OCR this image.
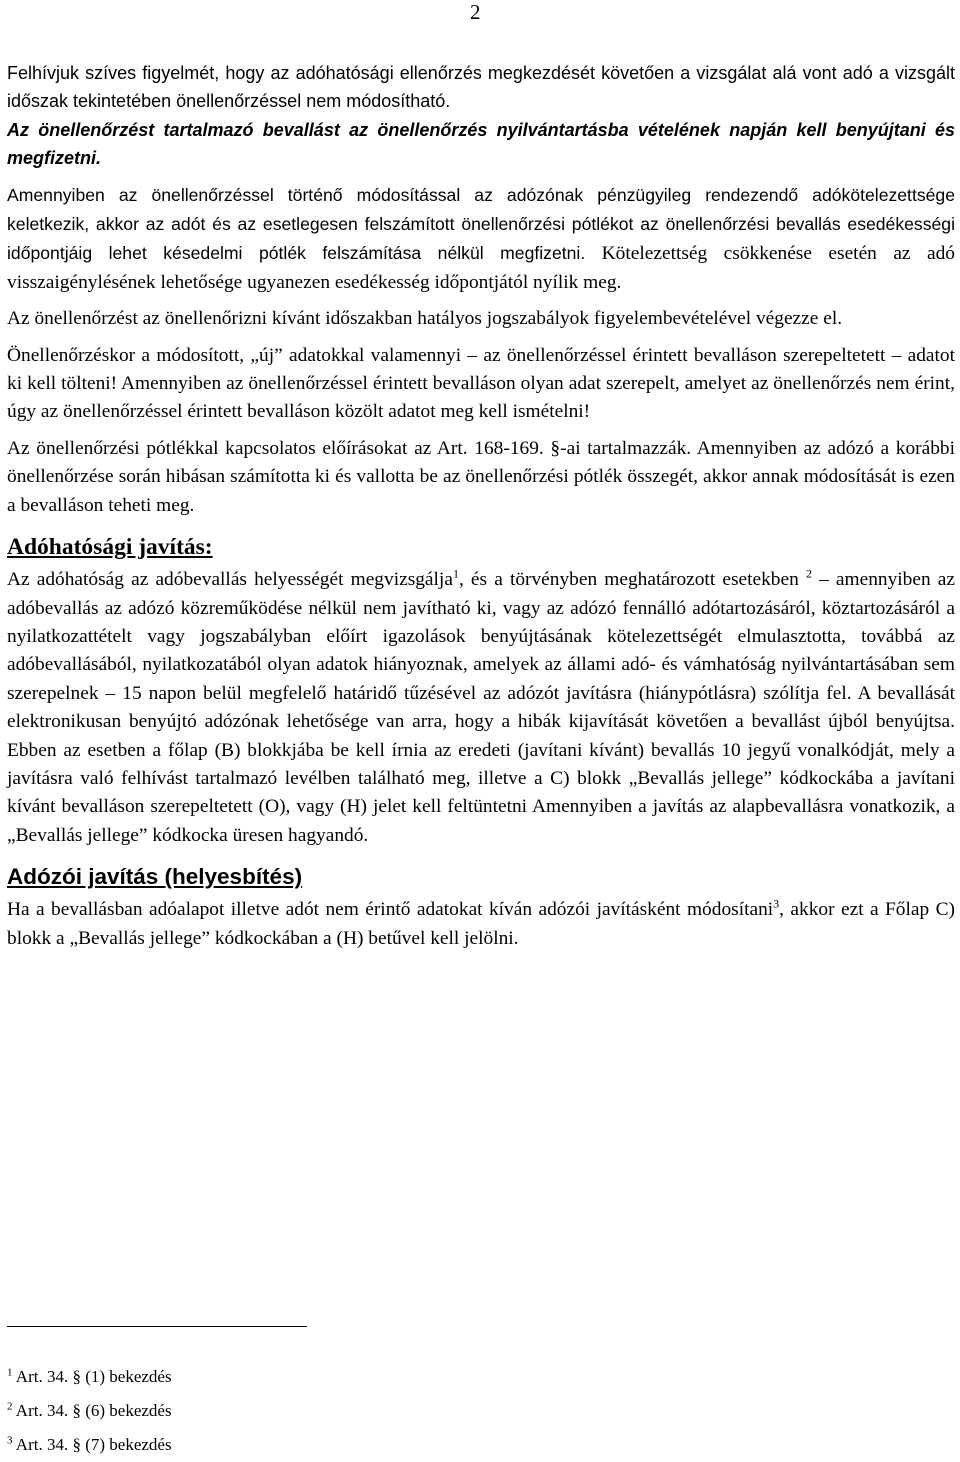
2

Felhívjuk szíves figyelmét, hogy az adóhatósági ellenőrzés megkezdését követően a vizsgálat alá vont adó a vizsgált időszak tekintetében önellenőrzéssel nem módosítható.

Az önellenőrzést tartalmazó bevallást az önellenőrzés nyilvántartásba vételének napján kell benyújtani és megfizetni.

Amennyiben az önellenőrzéssel történő módosítással az adózónak pénzügyileg rendezendő adókötelezettsége keletkezik, akkor az adót és az esetlegesen felszámított önellenőrzési pótlékot az önellenőrzési bevallás esedékességi időpontjáig lehet késedelmi pótlék felszámítása nélkül megfizetni. Kötelezettség csökkenése esetén az adó visszaigénylésének lehetősége ugyanezen esedékesség időpontjától nyílik meg.

Az önellenőrzést az önellenőrizni kívánt időszakban hatályos jogszabályok figyelembevételével végezze el.

Önellenőrzéskor a módosított, „új” adatokkal valamennyi – az önellenőrzéssel érintett bevalláson szerepeltetett – adatot ki kell tölteni! Amennyiben az önellenőrzéssel érintett bevalláson olyan adat szerepelt, amelyet az önellenőrzés nem érint, úgy az önellenőrzéssel érintett bevalláson közölt adatot meg kell ismételni!

Az önellenőrzési pótlékkal kapcsolatos előírásokat az Art. 168-169. §-ai tartalmazzák. Amennyiben az adózó a korábbi önellenőrzése során hibásan számította ki és vallotta be az önellenőrzési pótlék összegét, akkor annak módosítását is ezen a bevalláson teheti meg.

Adóhatósági javítás:

Az adóhatóság az adóbevallás helyességét megvizsgálja$^1$, és a törvényben meghatározott esetekben $^2$ – amennyiben az adóbevallás az adózó közreműködése nélkül nem javítható ki, vagy az adózó fennálló adótartozásáról, köztartozásáról a nyilatkozattételt vagy jogszabályban előírt igazolások benyújtásának kötelezettségét elmulasztotta, továbbá az adóbevallásából, nyilatkozatából olyan adatok hiányoznak, amelyek az állami adó- és vámhatóság nyilvántartásában sem szerepelnek – 15 napon belül megfelelő határidő tűzésével az adózót javításra (hiánypótlásra) szólítja fel. A bevallását elektronikusan benyújtó adózónak lehetősége van arra, hogy a hibák kijavítását követően a bevallást újból benyújtsa. Ebben az esetben a főlap (B) blokkjába be kell írnia az eredeti (javítani kívánt) bevallás 10 jegyű vonalkódját, mely a javításra való felhívást tartalmazó levélben található meg, illetve a C) blokk „Bevallás jellege” kódkockába a javítani kívánt bevalláson szerepeltetett (O), vagy (H) jelet kell feltüntetni Amennyiben a javítás az alapbevallásra vonatkozik, a „Bevallás jellege” kódkocka üresen hagyandó.

Adózói javítás (helyesbítés)

Ha a bevallásban adóalapot illetve adót nem érintő adatokat kíván adózói javításként módosítani$^3$, akkor ezt a Főlap C) blokk a „Bevallás jellege” kódkockában a (H) betűvel kell jelölni.

$^1$ Art. 34. § (1) bekezdés
$^2$ Art. 34. § (6) bekezdés
$^3$ Art. 34. § (7) bekezdés
